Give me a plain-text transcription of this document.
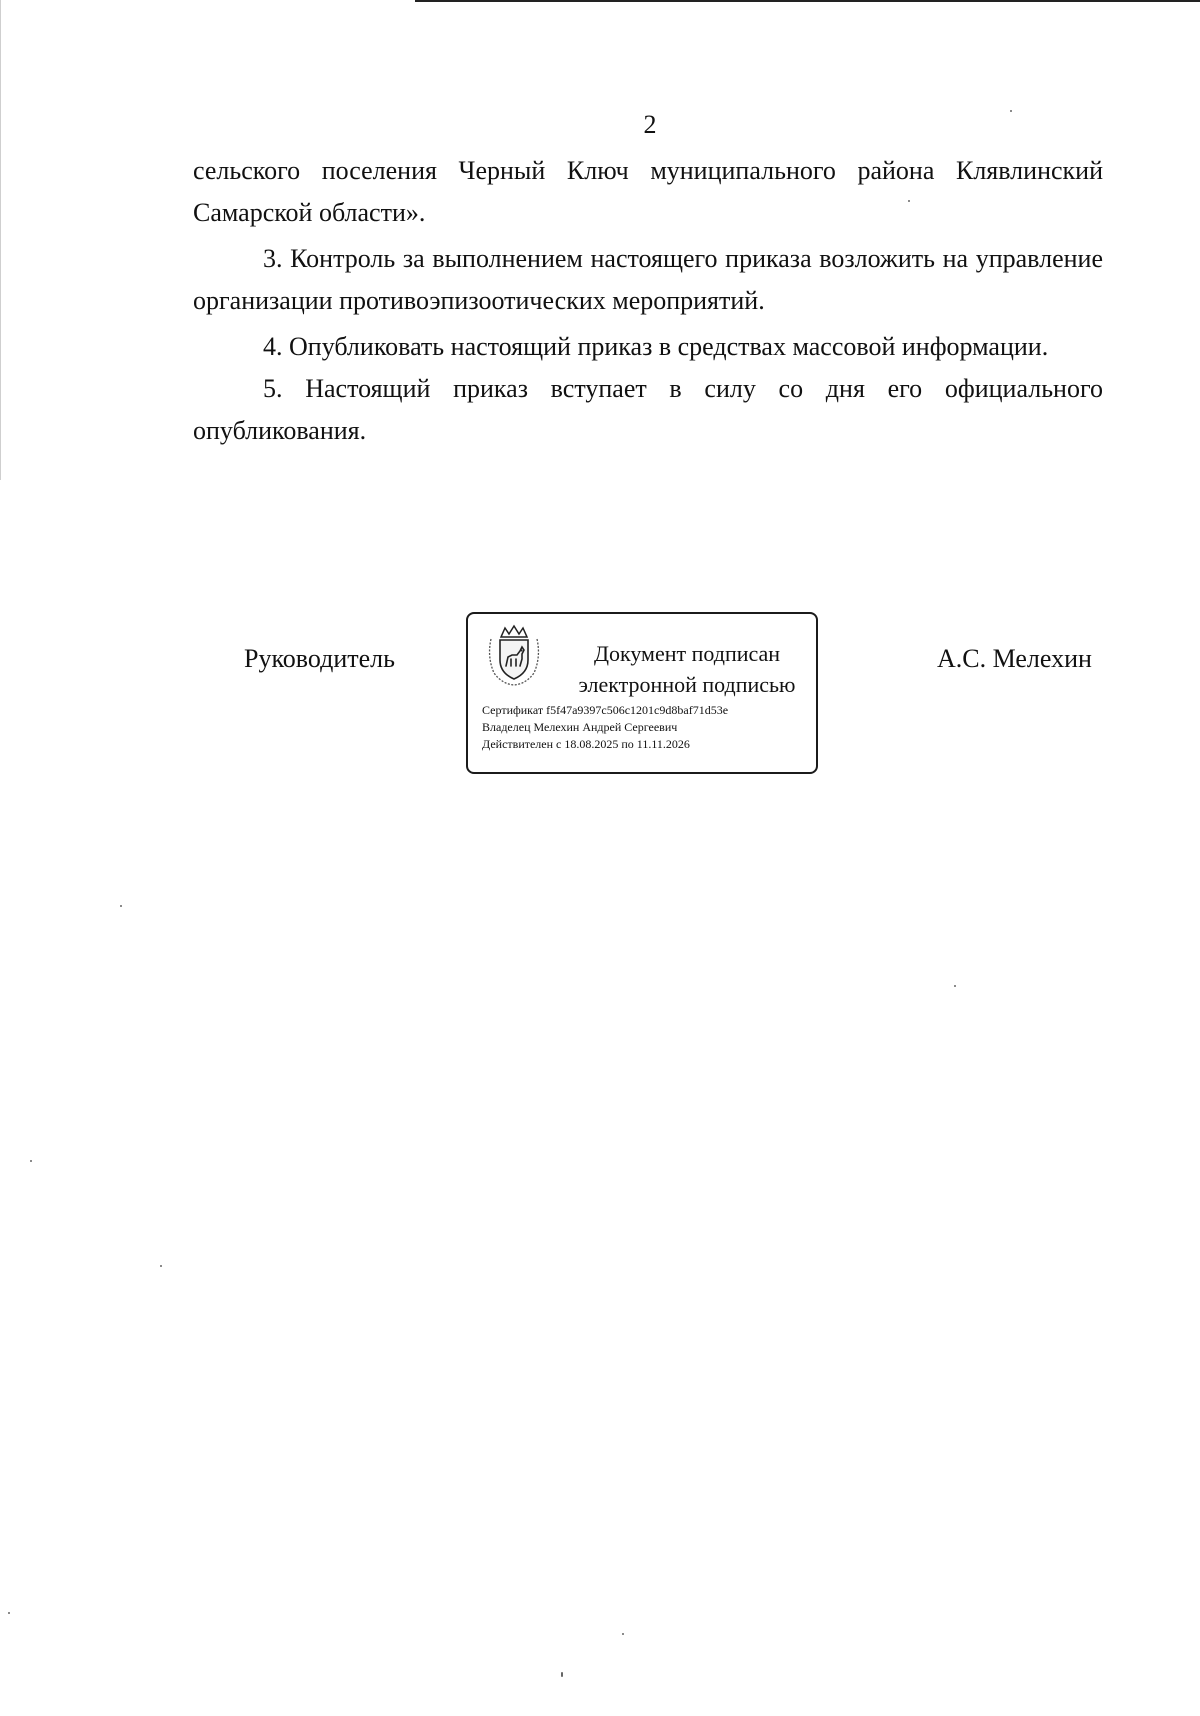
2

сельского поселения Черный Ключ муниципального района Клявлинский Самарской области».

3. Контроль за выполнением настоящего приказа возложить на управление организации противоэпизоотических мероприятий.

4. Опубликовать настоящий приказ в средствах массовой информации.

5. Настоящий приказ вступает в силу со дня его официального опубликования.

Руководитель	Документ подписан
электронной подписью
Сертификат f5f47a9397c506c1201c9d8baf71d53e
Владелец Мелехин Андрей Сергеевич
Действителен с 18.08.2025 по 11.11.2026
А.С. Мелехин
